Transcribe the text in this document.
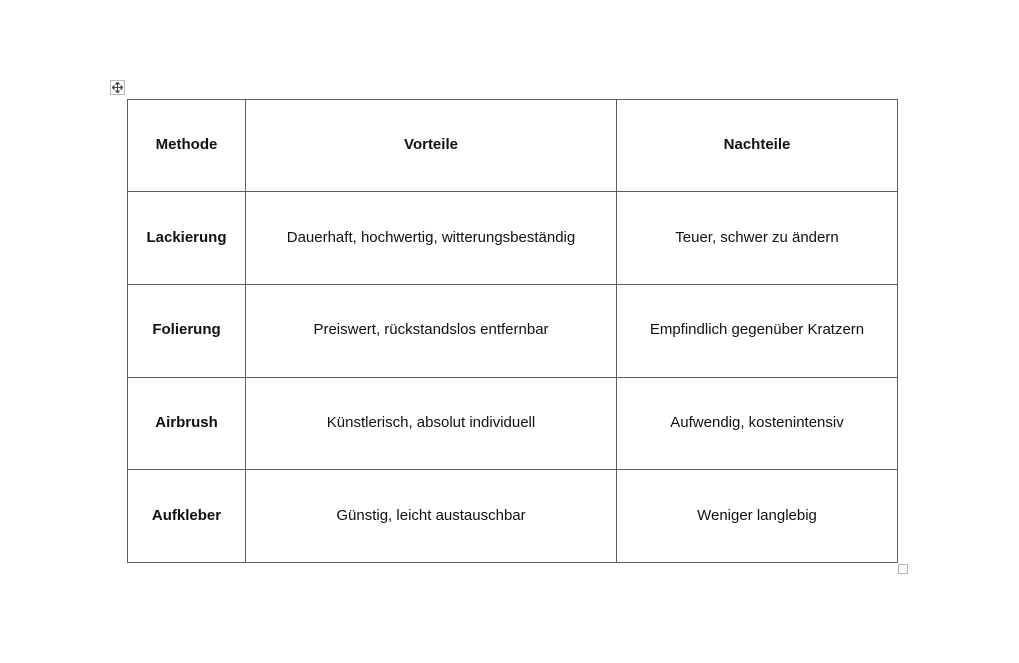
Methode	Vorteile	Nachteile
Lackierung	Dauerhaft, hochwertig, witterungsbeständig	Teuer, schwer zu ändern
Folierung	Preiswert, rückstandslos entfernbar	Empfindlich gegenüber Kratzern
Airbrush	Künstlerisch, absolut individuell	Aufwendig, kostenintensiv
Aufkleber	Günstig, leicht austauschbar	Weniger langlebig
